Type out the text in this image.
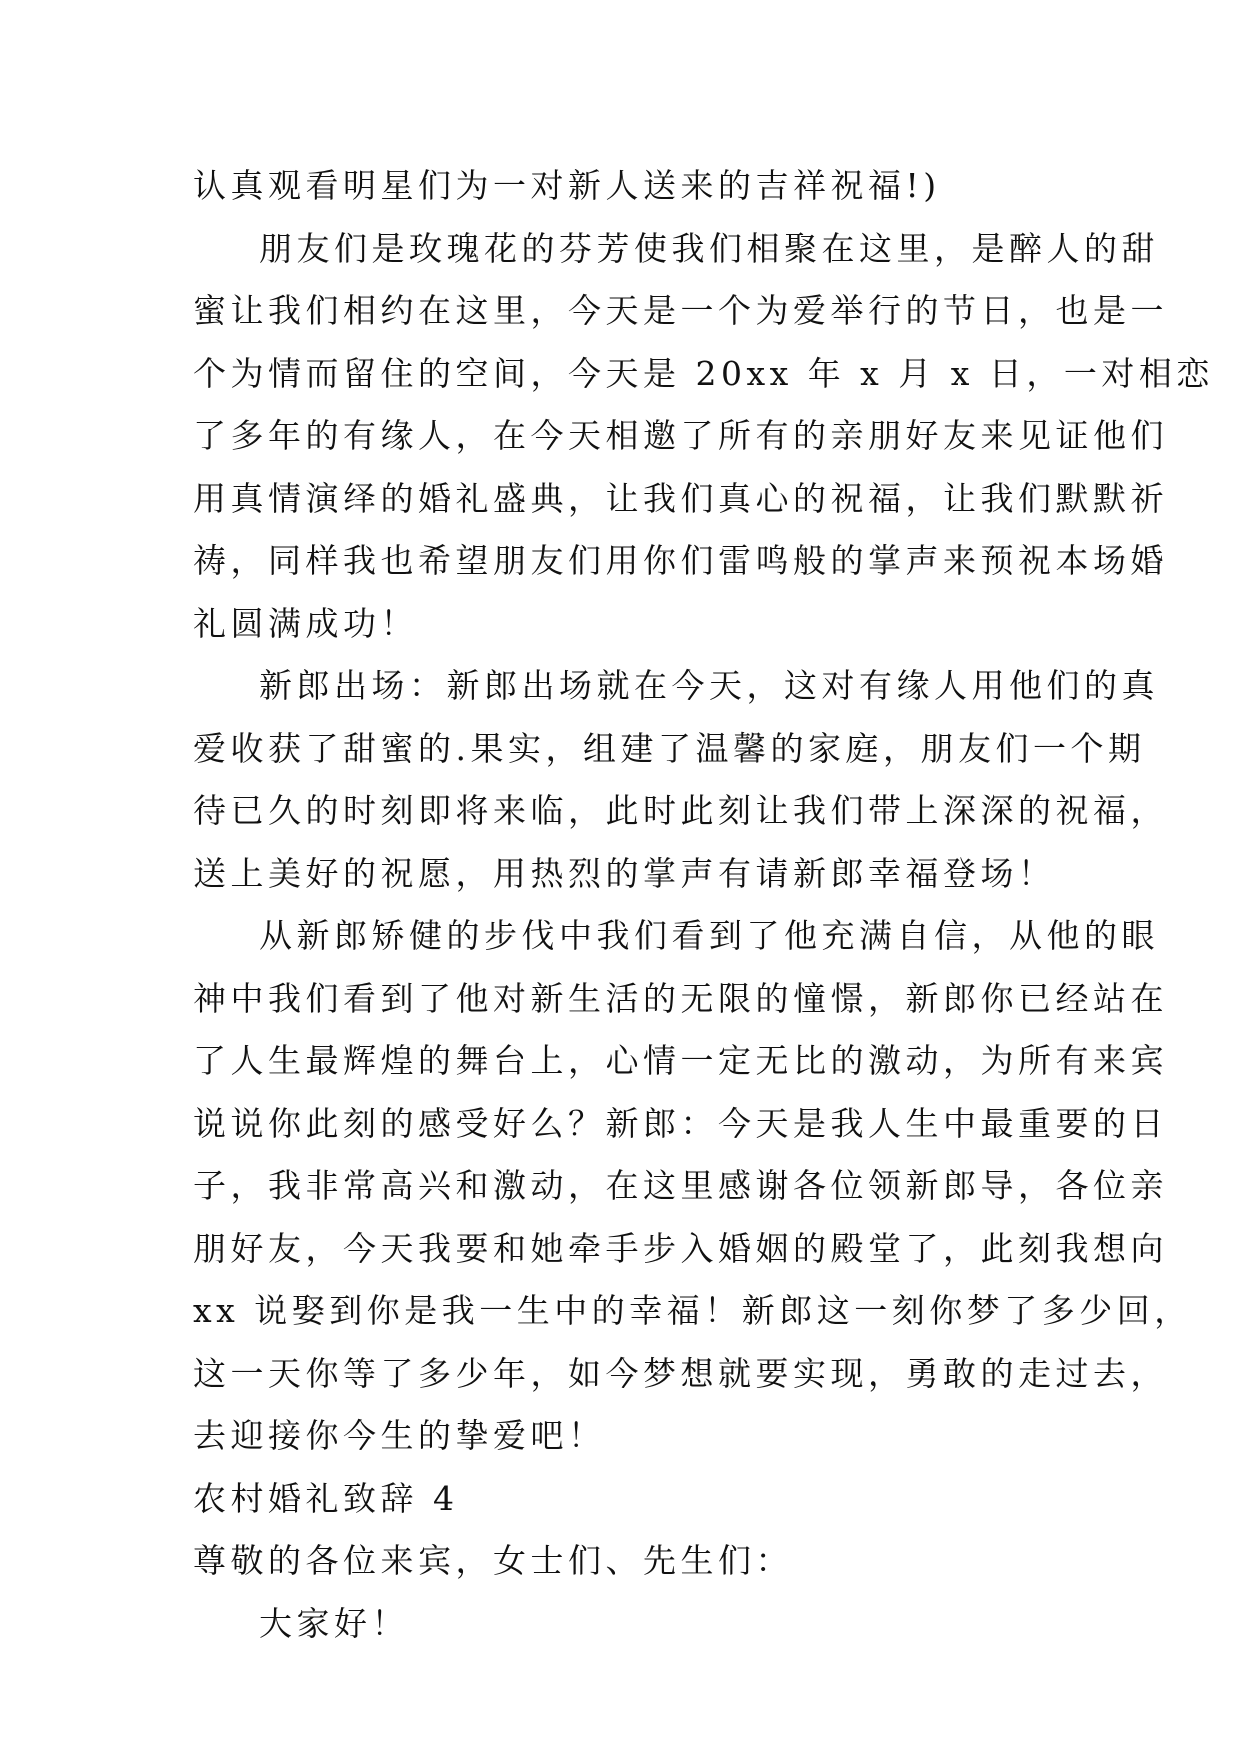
认真观看明星们为一对新人送来的吉祥祝福!)
朋友们是玫瑰花的芬芳使我们相聚在这里，是醉人的甜
蜜让我们相约在这里，今天是一个为爱举行的节日，也是一
个为情而留住的空间，今天是 20xx 年 x 月 x 日，一对相恋
了多年的有缘人，在今天相邀了所有的亲朋好友来见证他们
用真情演绎的婚礼盛典，让我们真心的祝福，让我们默默祈
祷，同样我也希望朋友们用你们雷鸣般的掌声来预祝本场婚
礼圆满成功！
新郎出场：新郎出场就在今天，这对有缘人用他们的真
爱收获了甜蜜的.果实，组建了温馨的家庭，朋友们一个期
待已久的时刻即将来临，此时此刻让我们带上深深的祝福，
送上美好的祝愿，用热烈的掌声有请新郎幸福登场！
从新郎矫健的步伐中我们看到了他充满自信，从他的眼
神中我们看到了他对新生活的无限的憧憬，新郎你已经站在
了人生最辉煌的舞台上，心情一定无比的激动，为所有来宾
说说你此刻的感受好么？新郎：今天是我人生中最重要的日
子，我非常高兴和激动，在这里感谢各位领新郎导，各位亲
朋好友，今天我要和她牵手步入婚姻的殿堂了，此刻我想向
xx 说娶到你是我一生中的幸福！新郎这一刻你梦了多少回，
这一天你等了多少年，如今梦想就要实现，勇敢的走过去，
去迎接你今生的挚爱吧！
农村婚礼致辞 4
尊敬的各位来宾，女士们、先生们：
大家好！
